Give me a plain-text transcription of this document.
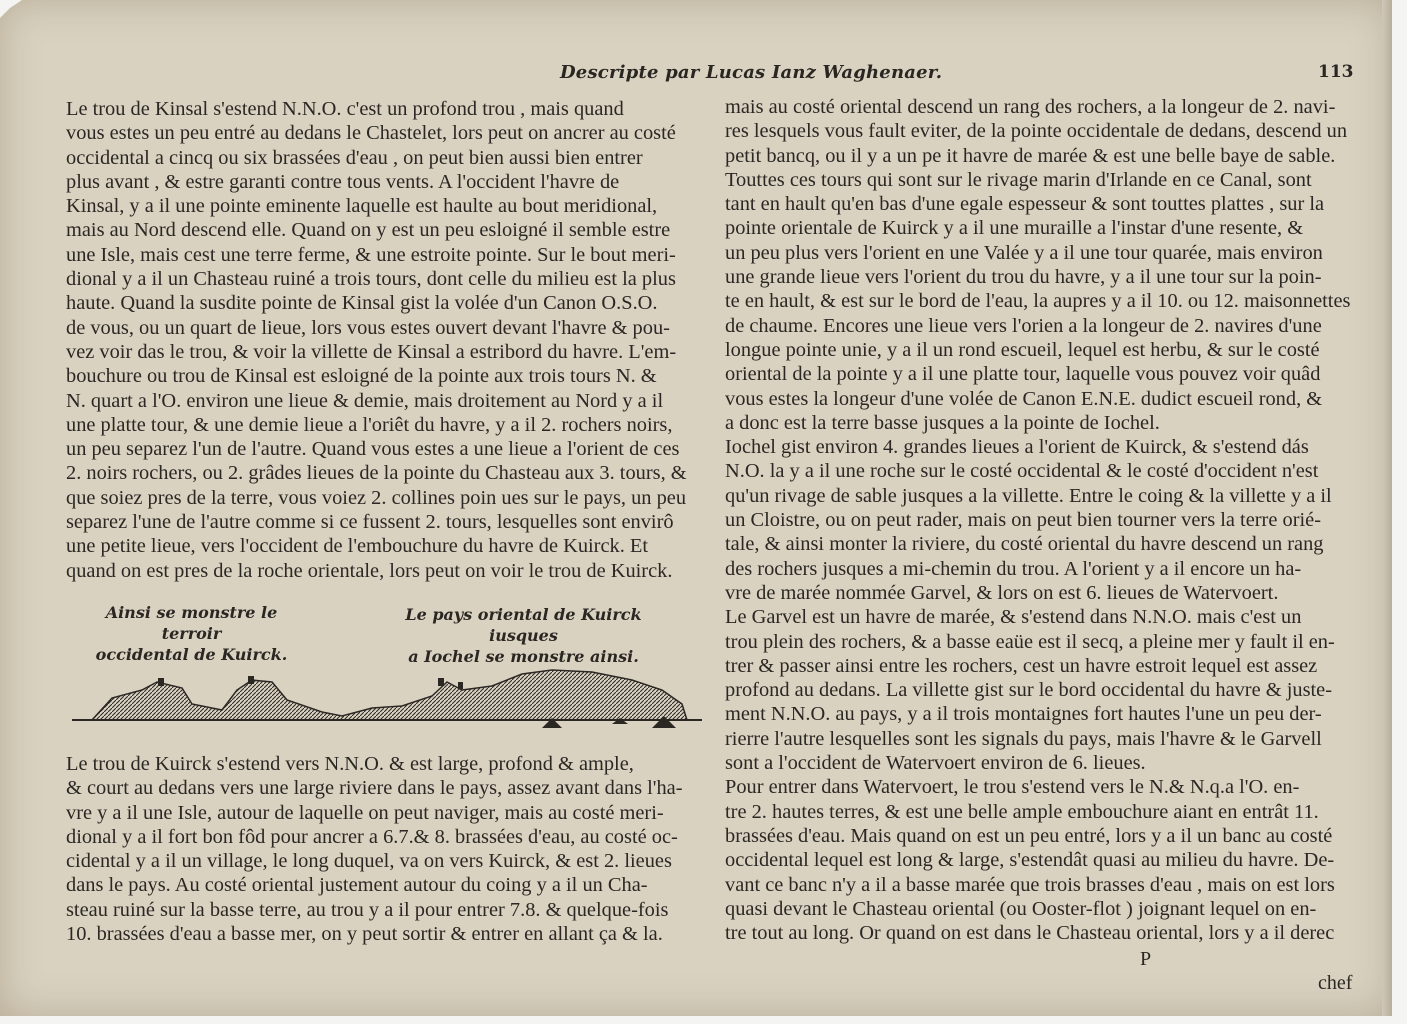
Descripte par Lucas Ianz Waghenaer.	113
Le trou de Kinsal s'estend N.N.O. c'est un profond trou , mais quand
vous estes un peu entré au dedans le Chastelet, lors peut on ancrer au costé
occidental a cincq ou six brassées d'eau , on peut bien aussi bien entrer
plus avant , & estre garanti contre tous vents. A l'occident l'havre de
Kinsal, y a il une pointe eminente laquelle est haulte au bout meridional,
mais au Nord descend elle. Quand on y est un peu esloigné il semble estre
une Isle, mais cest une terre ferme, & une estroite pointe. Sur le bout meri-
dional y a il un Chasteau ruiné a trois tours, dont celle du milieu est la plus
haute. Quand la susdite pointe de Kinsal gist la volée d'un Canon O.S.O.
de vous, ou un quart de lieue, lors vous estes ouvert devant l'havre & pou-
vez voir das le trou, & voir la villette de Kinsal a estribord du havre. L'em-
bouchure ou trou de Kinsal est esloigné de la pointe aux trois tours N. &
N. quart a l'O. environ une lieue & demie, mais droitement au Nord y a il
une platte tour, & une demie lieue a l'oriêt du havre, y a il 2. rochers noirs,
un peu separez l'un de l'autre. Quand vous estes a une lieue a l'orient de ces
2. noirs rochers, ou 2. grâdes lieues de la pointe du Chasteau aux 3. tours, &
que soiez pres de la terre, vous voiez 2. collines poin ues sur le pays, un peu
separez l'une de l'autre comme si ce fussent 2. tours, lesquelles sont envirô
une petite lieue, vers l'occident de l'embouchure du havre de Kuirck. Et
quand on est pres de la roche orientale, lors peut on voir le trou de Kuirck.
Ainsi se monstre le terroir
occidental de Kuirck.
Le pays oriental de Kuirck iusques
a Iochel se monstre ainsi.
Le trou de Kuirck s'estend vers N.N.O. & est large, profond & ample,
& court au dedans vers une large riviere dans le pays, assez avant dans l'ha-
vre y a il une Isle, autour de laquelle on peut naviger, mais au costé meri-
dional y a il fort bon fôd pour ancrer a 6.7.& 8. brassées d'eau, au costé oc-
cidental y a il un village, le long duquel, va on vers Kuirck, & est 2. lieues
dans le pays. Au costé oriental justement autour du coing y a il un Cha-
steau ruiné sur la basse terre, au trou y a il pour entrer 7.8. & quelque-fois
10. brassées d'eau a basse mer, on y peut sortir & entrer en allant ça & la.
mais au costé oriental descend un rang des rochers, a la longeur de 2. navi-
res lesquels vous fault eviter, de la pointe occidentale de dedans, descend un
petit bancq, ou il y a un pe it havre de marée & est une belle baye de sable.
Touttes ces tours qui sont sur le rivage marin d'Irlande en ce Canal, sont
tant en hault qu'en bas d'une egale espesseur & sont touttes plattes , sur la
pointe orientale de Kuirck y a il une muraille a l'instar d'une resente, &
un peu plus vers l'orient en une Valée y a il une tour quarée, mais environ
une grande lieue vers l'orient du trou du havre, y a il une tour sur la poin-
te en hault, & est sur le bord de l'eau, la aupres y a il 10. ou 12. maisonnettes
de chaume. Encores une lieue vers l'orien a la longeur de 2. navires d'une
longue pointe unie, y a il un rond escueil, lequel est herbu, & sur le costé
oriental de la pointe y a il une platte tour, laquelle vous pouvez voir quâd
vous estes la longeur d'une volée de Canon E.N.E. dudict escueil rond, &
a donc est la terre basse jusques a la pointe de Iochel.
Iochel gist environ 4. grandes lieues a l'orient de Kuirck, & s'estend dás
N.O. la y a il une roche sur le costé occidental & le costé d'occident n'est
qu'un rivage de sable jusques a la villette. Entre le coing & la villette y a il
un Cloistre, ou on peut rader, mais on peut bien tourner vers la terre orié-
tale, & ainsi monter la riviere, du costé oriental du havre descend un rang
des rochers jusques a mi-chemin du trou. A l'orient y a il encore un ha-
vre de marée nommée Garvel, & lors on est 6. lieues de Watervoert.
Le Garvel est un havre de marée, & s'estend dans N.N.O. mais c'est un
trou plein des rochers, & a basse eaüe est il secq, a pleine mer y fault il en-
trer & passer ainsi entre les rochers, cest un havre estroit lequel est assez
profond au dedans. La villette gist sur le bord occidental du havre & juste-
ment N.N.O. au pays, y a il trois montaignes fort hautes l'une un peu der-
rierre l'autre lesquelles sont les signals du pays, mais l'havre & le Garvell
sont a l'occident de Watervoert environ de 6. lieues.
Pour entrer dans Watervoert, le trou s'estend vers le N.& N.q.a l'O. en-
tre 2. hautes terres, & est une belle ample embouchure aiant en entrât 11.
brassées d'eau. Mais quand on est un peu entré, lors y a il un banc au costé
occidental lequel est long & large, s'estendât quasi au milieu du havre. De-
vant ce banc n'y a il a basse marée que trois brasses d'eau , mais on est lors
quasi devant le Chasteau oriental (ou Ooster-flot ) joignant lequel on en-
tre tout au long. Or quand on est dans le Chasteau oriental, lors y a il derec
P
chef
